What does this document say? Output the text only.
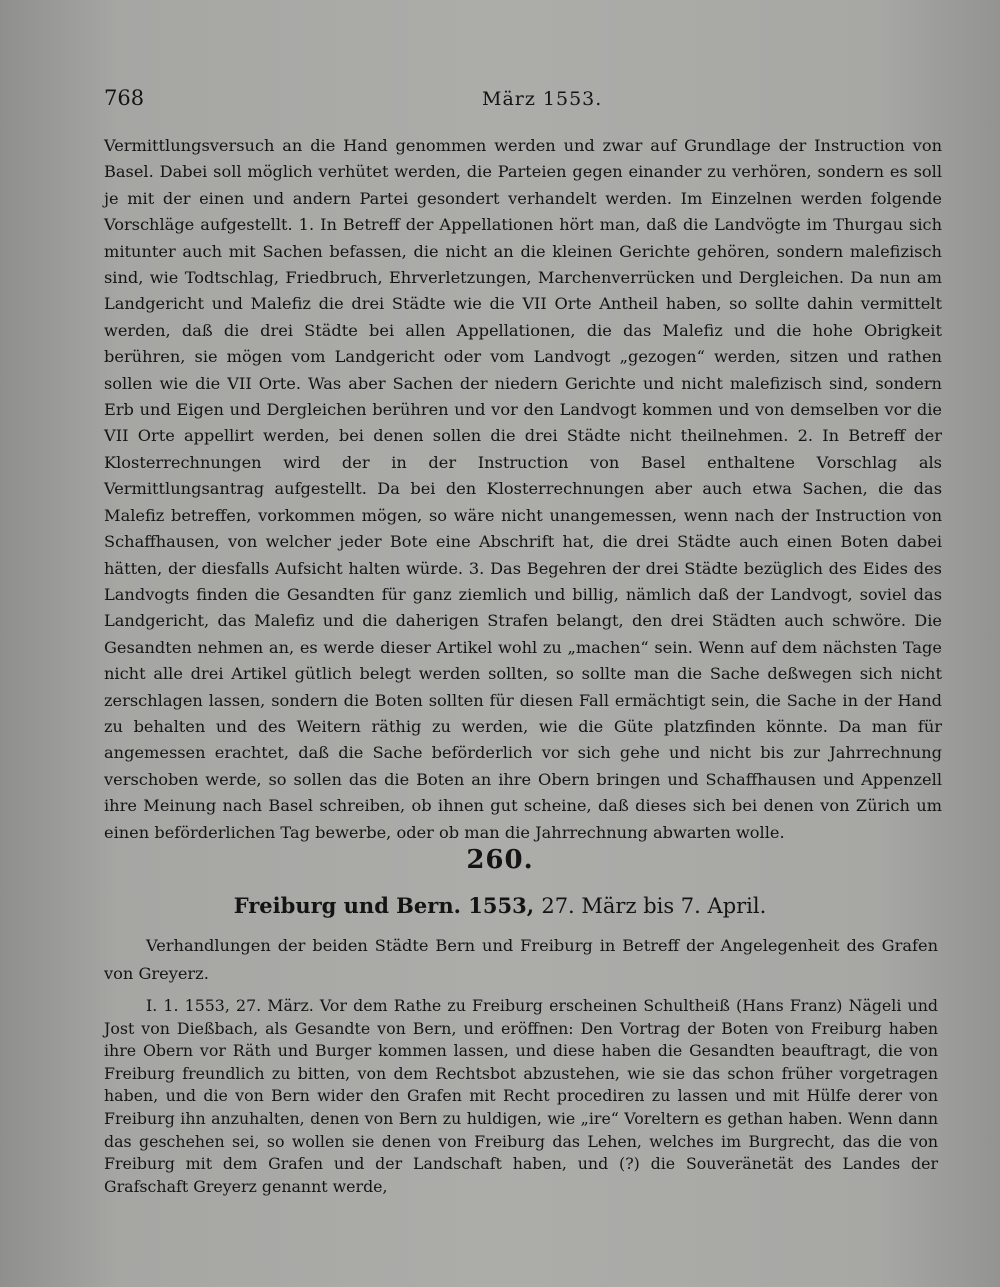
768	März 1553.

Vermittlungsversuch an die Hand genommen werden und zwar auf Grundlage der Instruction von Basel. Dabei soll möglich verhütet werden, die Parteien gegen einander zu verhören, sondern es soll je mit der einen und andern Partei gesondert verhandelt werden. Im Einzelnen werden folgende Vorschläge aufgestellt. 1. In Betreff der Appellationen hört man, daß die Landvögte im Thurgau sich mitunter auch mit Sachen befassen, die nicht an die kleinen Gerichte gehören, sondern malefizisch sind, wie Todtschlag, Friedbruch, Ehrverletzungen, Marchenverrücken und Dergleichen. Da nun am Landgericht und Malefiz die drei Städte wie die VII Orte Antheil haben, so sollte dahin vermittelt werden, daß die drei Städte bei allen Appellationen, die das Malefiz und die hohe Obrigkeit berühren, sie mögen vom Landgericht oder vom Landvogt „gezogen“ werden, sitzen und rathen sollen wie die VII Orte. Was aber Sachen der niedern Gerichte und nicht malefizisch sind, sondern Erb und Eigen und Dergleichen berühren und vor den Landvogt kommen und von demselben vor die VII Orte appellirt werden, bei denen sollen die drei Städte nicht theilnehmen. 2. In Betreff der Klosterrechnungen wird der in der Instruction von Basel enthaltene Vorschlag als Vermittlungsantrag aufgestellt. Da bei den Klosterrechnungen aber auch etwa Sachen, die das Malefiz betreffen, vorkommen mögen, so wäre nicht unangemessen, wenn nach der Instruction von Schaffhausen, von welcher jeder Bote eine Abschrift hat, die drei Städte auch einen Boten dabei hätten, der diesfalls Aufsicht halten würde. 3. Das Begehren der drei Städte bezüglich des Eides des Landvogts finden die Gesandten für ganz ziemlich und billig, nämlich daß der Landvogt, soviel das Landgericht, das Malefiz und die daherigen Strafen belangt, den drei Städten auch schwöre. Die Gesandten nehmen an, es werde dieser Artikel wohl zu „machen“ sein. Wenn auf dem nächsten Tage nicht alle drei Artikel gütlich belegt werden sollten, so sollte man die Sache deßwegen sich nicht zerschlagen lassen, sondern die Boten sollten für diesen Fall ermächtigt sein, die Sache in der Hand zu behalten und des Weitern räthig zu werden, wie die Güte platzfinden könnte. Da man für angemessen erachtet, daß die Sache beförderlich vor sich gehe und nicht bis zur Jahrrechnung verschoben werde, so sollen das die Boten an ihre Obern bringen und Schaffhausen und Appenzell ihre Meinung nach Basel schreiben, ob ihnen gut scheine, daß dieses sich bei denen von Zürich um einen beförderlichen Tag bewerbe, oder ob man die Jahrrechnung abwarten wolle.

260.
Freiburg und Bern. 1553, 27. März bis 7. April.

Verhandlungen der beiden Städte Bern und Freiburg in Betreff der Angelegenheit des Grafen von Greyerz.

I. 1. 1553, 27. März. Vor dem Rathe zu Freiburg erscheinen Schultheiß (Hans Franz) Nägeli und Jost von Dießbach, als Gesandte von Bern, und eröffnen: Den Vortrag der Boten von Freiburg haben ihre Obern vor Räth und Burger kommen lassen, und diese haben die Gesandten beauftragt, die von Freiburg freundlich zu bitten, von dem Rechtsbot abzustehen, wie sie das schon früher vorgetragen haben, und die von Bern wider den Grafen mit Recht procediren zu lassen und mit Hülfe derer von Freiburg ihn anzuhalten, denen von Bern zu huldigen, wie „ire“ Voreltern es gethan haben. Wenn dann das geschehen sei, so wollen sie denen von Freiburg das Lehen, welches im Burgrecht, das die von Freiburg mit dem Grafen und der Landschaft haben, und (?) die Souveränetät des Landes der Grafschaft Greyerz genannt werde,
